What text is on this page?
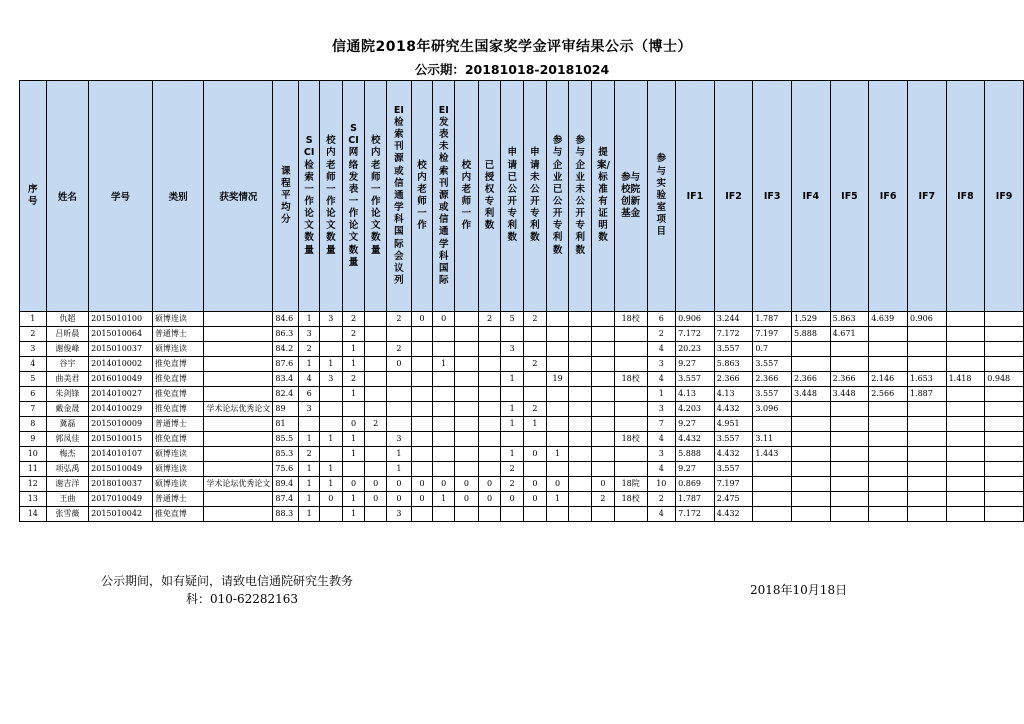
信通院2018年研究生国家奖学金评审结果公示（博士）
公示期：20181018-20181024
序号	姓名	学号	类别	获奖情况	课程平均分	SCI检索一作论文数量	校内老师一作论文数量	SCI网络发表一作论文数量	校内老师一作论文数量	EI检索刊源或信通学科国际会议列	校内老师一作	EI发表未检索刊源或信通学科国际	校内老师一作	已授权专利数	申请已公开专利数	申请未公开专利数	参与企业已公开专利数	参与企业未公开专利数	提案/标准有证明数	参与校院创新基金	参与实验室项目	IF1	IF2	IF3	IF4	IF5	IF6	IF7	IF8	IF9
1	仇超	2015010100	硕博连读		84.6	1	3	2		2	0	0		2	5	2				18校	6	0.906	3.244	1.787	1.529	5.863	4.639	0.906		
2	吕昕晨	2015010064	普通博士		86.3	3		2													2	7.172	7.172	7.197	5.888	4.671				
3	谢俊峰	2015010037	硕博连读		84.2	2		1		2					3						4	20.23	3.557	0.7						
4	谷宇	2014010002	推免直博		87.6	1	1	1		0		1				2					3	9.27	5.863	3.557						
5	曲美君	2016010049	推免直博		83.4	4	3	2							1		19			18校	4	3.557	2.366	2.366	2.366	2.366	2.146	1.653	1.418	0.948
6	朱剑锋	2014010027	推免直博		82.4	6		1													1	4.13	4.13	3.557	3.448	3.448	2.566	1.887		
7	戴金晟	2014010029	推免直博	学术论坛优秀论文	89	3									1	2					3	4.203	4.432	3.096						
8	冀磊	2015010009	普通博士		81			0	2						1	1					7	9.27	4.951							
9	郭凤佳	2015010015	推免直博		85.5	1	1	1		3										18校	4	4.432	3.557	3.11						
10	梅杰	2014010107	硕博连读		85.3	2		1		1					1	0	1				3	5.888	4.432	1.443						
11	项弘禹	2015010049	硕博连读		75.6	1	1			1					2						4	9.27	3.557							
12	谢吉洋	2018010037	硕博连读	学术论坛优秀论文	89.4	1	1	0	0	0	0	0	0	0	2	0	0		0	18院	10	0.869	7.197							
13	王曲	2017010049	普通博士		87.4	1	0	1	0	0	0	1	0	0	0	0	1		2	18校	2	1.787	2.475							
14	张雪薇	2015010042	推免直博		88.3	1		1		3											4	7.172	4.432							
公示期间，如有疑问，请致电信通院研究生教务
科：010-62282163
2018年10月18日
